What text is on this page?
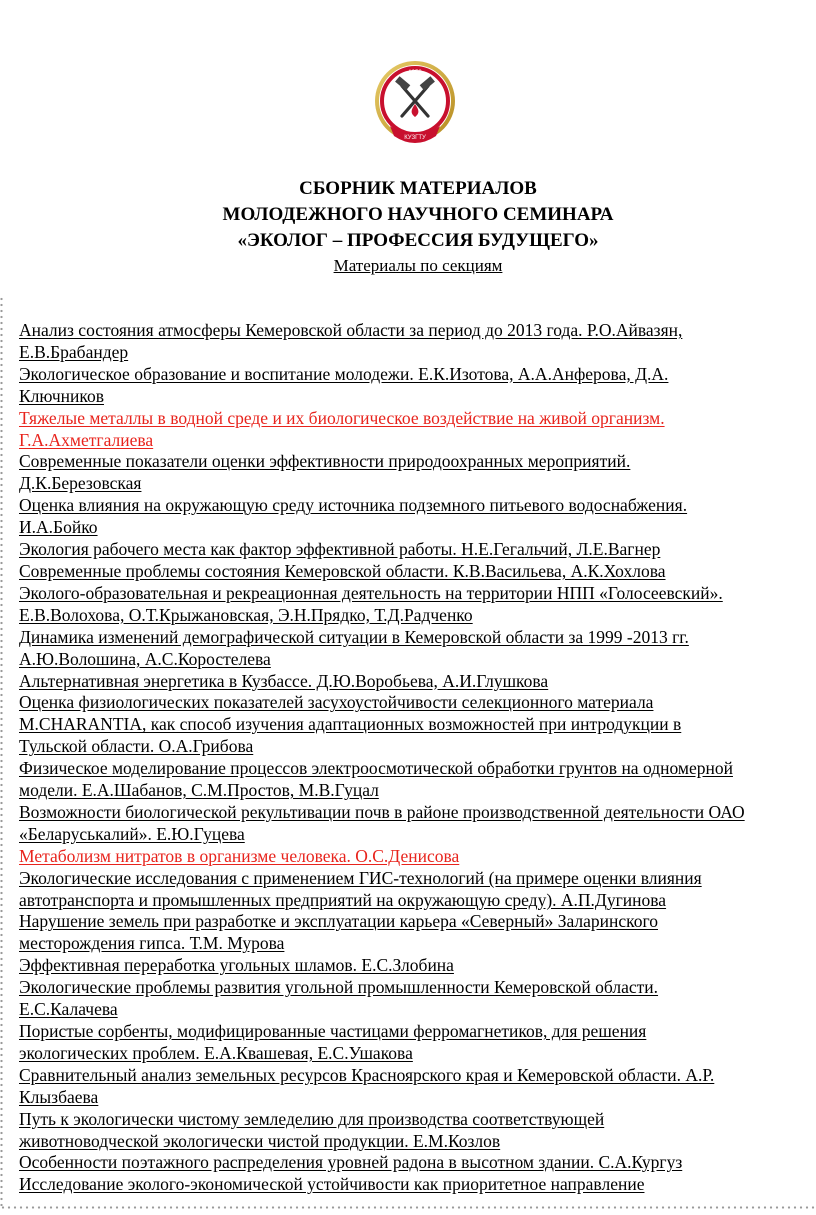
1950
КУЗГТУ
СБОРНИК МАТЕРИАЛОВ
МОЛОДЕЖНОГО НАУЧНОГО СЕМИНАРА
«ЭКОЛОГ – ПРОФЕССИЯ БУДУЩЕГО»
Материалы по секциям
Анализ состояния атмосферы Кемеровской области за период до 2013 года. Р.О.Айвазян,
Е.В.Брабандер
Экологическое образование и воспитание молодежи. Е.К.Изотова, А.А.Анферова, Д.А.
Ключников
Тяжелые металлы в водной среде и их биологическое воздействие на живой организм.
Г.А.Ахметгалиева
Современные показатели оценки эффективности природоохранных мероприятий.
Д.К.Березовская
Оценка влияния на окружающую среду источника подземного питьевого водоснабжения.
И.А.Бойко
Экология рабочего места как фактор эффективной работы. Н.Е.Гегальчий, Л.Е.Вагнер
Современные проблемы состояния Кемеровской области. К.В.Васильева, А.К.Хохлова
Эколого-образовательная и рекреационная деятельность на территории НПП «Голосеевский».
Е.В.Волохова, О.Т.Крыжановская, Э.Н.Прядко, Т.Д.Радченко
Динамика изменений демографической ситуации в Кемеровской области за 1999 -2013 гг.
А.Ю.Волошина, А.С.Коростелева
Альтернативная энергетика в Кузбассе. Д.Ю.Воробьева, А.И.Глушкова
Оценка физиологических показателей засухоустойчивости селекционного материала
M.CHARANTIA, как способ изучения адаптационных возможностей при интродукции в
Тульской области. О.А.Грибова
Физическое моделирование процессов электроосмотической обработки грунтов на одномерной
модели. Е.А.Шабанов, С.М.Простов, М.В.Гуцал
Возможности биологической рекультивации почв в районе производственной деятельности ОАО
«Беларуськалий». Е.Ю.Гуцева
Метаболизм нитратов в организме человека. О.С.Денисова
Экологические исследования с применением ГИС-технологий (на примере оценки влияния
автотранспорта и промышленных предприятий на окружающую среду). А.П.Дугинова
Нарушение земель при разработке и эксплуатации карьера «Северный» Заларинского
месторождения гипса. Т.М. Мурова
Эффективная переработка угольных шламов. Е.С.Злобина
Экологические проблемы развития угольной промышленности Кемеровской области.
Е.С.Калачева
Пористые сорбенты, модифицированные частицами ферромагнетиков, для решения
экологических проблем. Е.А.Квашевая, Е.С.Ушакова
Сравнительный анализ земельных ресурсов Красноярского края и Кемеровской области. А.Р.
Клызбаева
Путь к экологически чистому земледелию для производства соответствующей
животноводческой экологически чистой продукции. Е.М.Козлов
Особенности поэтажного распределения уровней радона в высотном здании. С.А.Кургуз
Исследование эколого-экономической устойчивости как приоритетное направление
